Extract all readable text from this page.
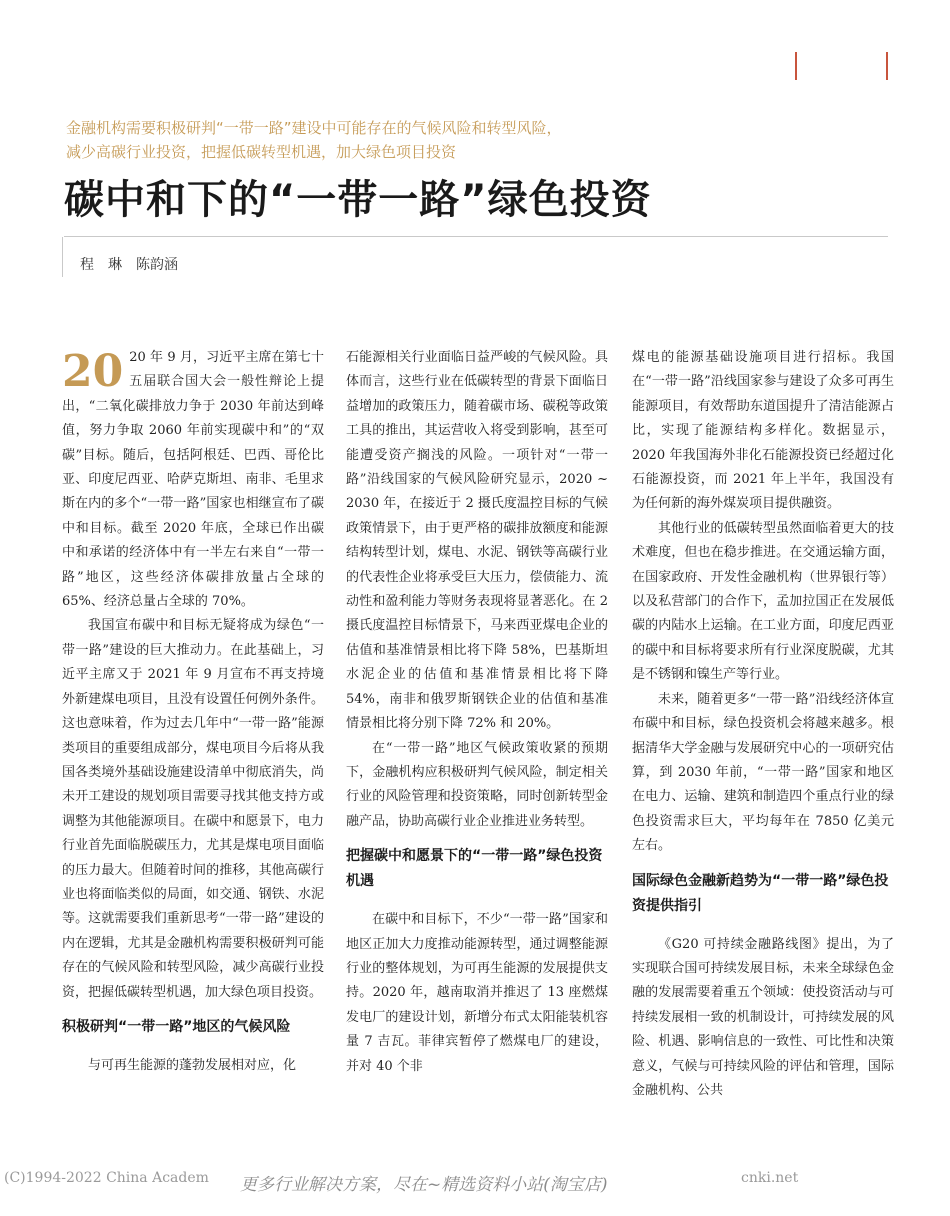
金融机构需要积极研判“一带一路”建设中可能存在的气候风险和转型风险，
减少高碳行业投资，把握低碳转型机遇，加大绿色项目投资
碳中和下的“一带一路”绿色投资
程　琳　陈韵涵

20 20 年 9 月，习近平主席在第七十五届联合国大会一般性辩论上提出，“二氧化碳排放力争于 2030 年前达到峰值，努力争取 2060 年前实现碳中和”的“双碳”目标。随后，包括阿根廷、巴西、哥伦比亚、印度尼西亚、哈萨克斯坦、南非、毛里求斯在内的多个“一带一路”国家也相继宣布了碳中和目标。截至 2020 年底，全球已作出碳中和承诺的经济体中有一半左右来自“一带一路”地区，这些经济体碳排放量占全球的 65%、经济总量占全球的 70%。

我国宣布碳中和目标无疑将成为绿色“一带一路”建设的巨大推动力。在此基础上，习近平主席又于 2021 年 9 月宣布不再支持境外新建煤电项目，且没有设置任何例外条件。这也意味着，作为过去几年中“一带一路”能源类项目的重要组成部分，煤电项目今后将从我国各类境外基础设施建设清单中彻底消失，尚未开工建设的规划项目需要寻找其他支持方或调整为其他能源项目。在碳中和愿景下，电力行业首先面临脱碳压力，尤其是煤电项目面临的压力最大。但随着时间的推移，其他高碳行业也将面临类似的局面，如交通、钢铁、水泥等。这就需要我们重新思考“一带一路”建设的内在逻辑，尤其是金融机构需要积极研判可能存在的气候风险和转型风险，减少高碳行业投资，把握低碳转型机遇，加大绿色项目投资。

积极研判“一带一路”地区的气候风险

与可再生能源的蓬勃发展相对应，化

石能源相关行业面临日益严峻的气候风险。具体而言，这些行业在低碳转型的背景下面临日益增加的政策压力，随着碳市场、碳税等政策工具的推出，其运营收入将受到影响，甚至可能遭受资产搁浅的风险。一项针对“一带一路”沿线国家的气候风险研究显示，2020 ~ 2030 年，在接近于 2 摄氏度温控目标的气候政策情景下，由于更严格的碳排放额度和能源结构转型计划，煤电、水泥、钢铁等高碳行业的代表性企业将承受巨大压力，偿债能力、流动性和盈利能力等财务表现将显著恶化。在 2 摄氏度温控目标情景下，马来西亚煤电企业的估值和基准情景相比将下降 58%，巴基斯坦水泥企业的估值和基准情景相比将下降 54%，南非和俄罗斯钢铁企业的估值和基准情景相比将分别下降 72% 和 20%。

在“一带一路”地区气候政策收紧的预期下，金融机构应积极研判气候风险，制定相关行业的风险管理和投资策略，同时创新转型金融产品，协助高碳行业企业推进业务转型。

把握碳中和愿景下的“一带一路”绿色投资机遇

在碳中和目标下，不少“一带一路”国家和地区正加大力度推动能源转型，通过调整能源行业的整体规划，为可再生能源的发展提供支持。2020 年，越南取消并推迟了 13 座燃煤发电厂的建设计划，新增分布式太阳能装机容量 7 吉瓦。菲律宾暂停了燃煤电厂的建设，并对 40 个非

煤电的能源基础设施项目进行招标。我国在“一带一路”沿线国家参与建设了众多可再生能源项目，有效帮助东道国提升了清洁能源占比，实现了能源结构多样化。数据显示，2020 年我国海外非化石能源投资已经超过化石能源投资，而 2021 年上半年，我国没有为任何新的海外煤炭项目提供融资。

其他行业的低碳转型虽然面临着更大的技术难度，但也在稳步推进。在交通运输方面，在国家政府、开发性金融机构（世界银行等）以及私营部门的合作下，孟加拉国正在发展低碳的内陆水上运输。在工业方面，印度尼西亚的碳中和目标将要求所有行业深度脱碳，尤其是不锈钢和镍生产等行业。

未来，随着更多“一带一路”沿线经济体宣布碳中和目标，绿色投资机会将越来越多。根据清华大学金融与发展研究中心的一项研究估算，到 2030 年前，“一带一路”国家和地区在电力、运输、建筑和制造四个重点行业的绿色投资需求巨大，平均每年在 7850 亿美元左右。

国际绿色金融新趋势为“一带一路”绿色投资提供指引

《G20 可持续金融路线图》提出，为了实现联合国可持续发展目标，未来全球绿色金融的发展需要着重五个领域：使投资活动与可持续发展相一致的机制设计，可持续发展的风险、机遇、影响信息的一致性、可比性和决策意义，气候与可持续风险的评估和管理，国际金融机构、公共

(C)1994-2022 China Academ	cnki.net
更多行业解决方案，尽在~精选资料小站(淘宝店)
